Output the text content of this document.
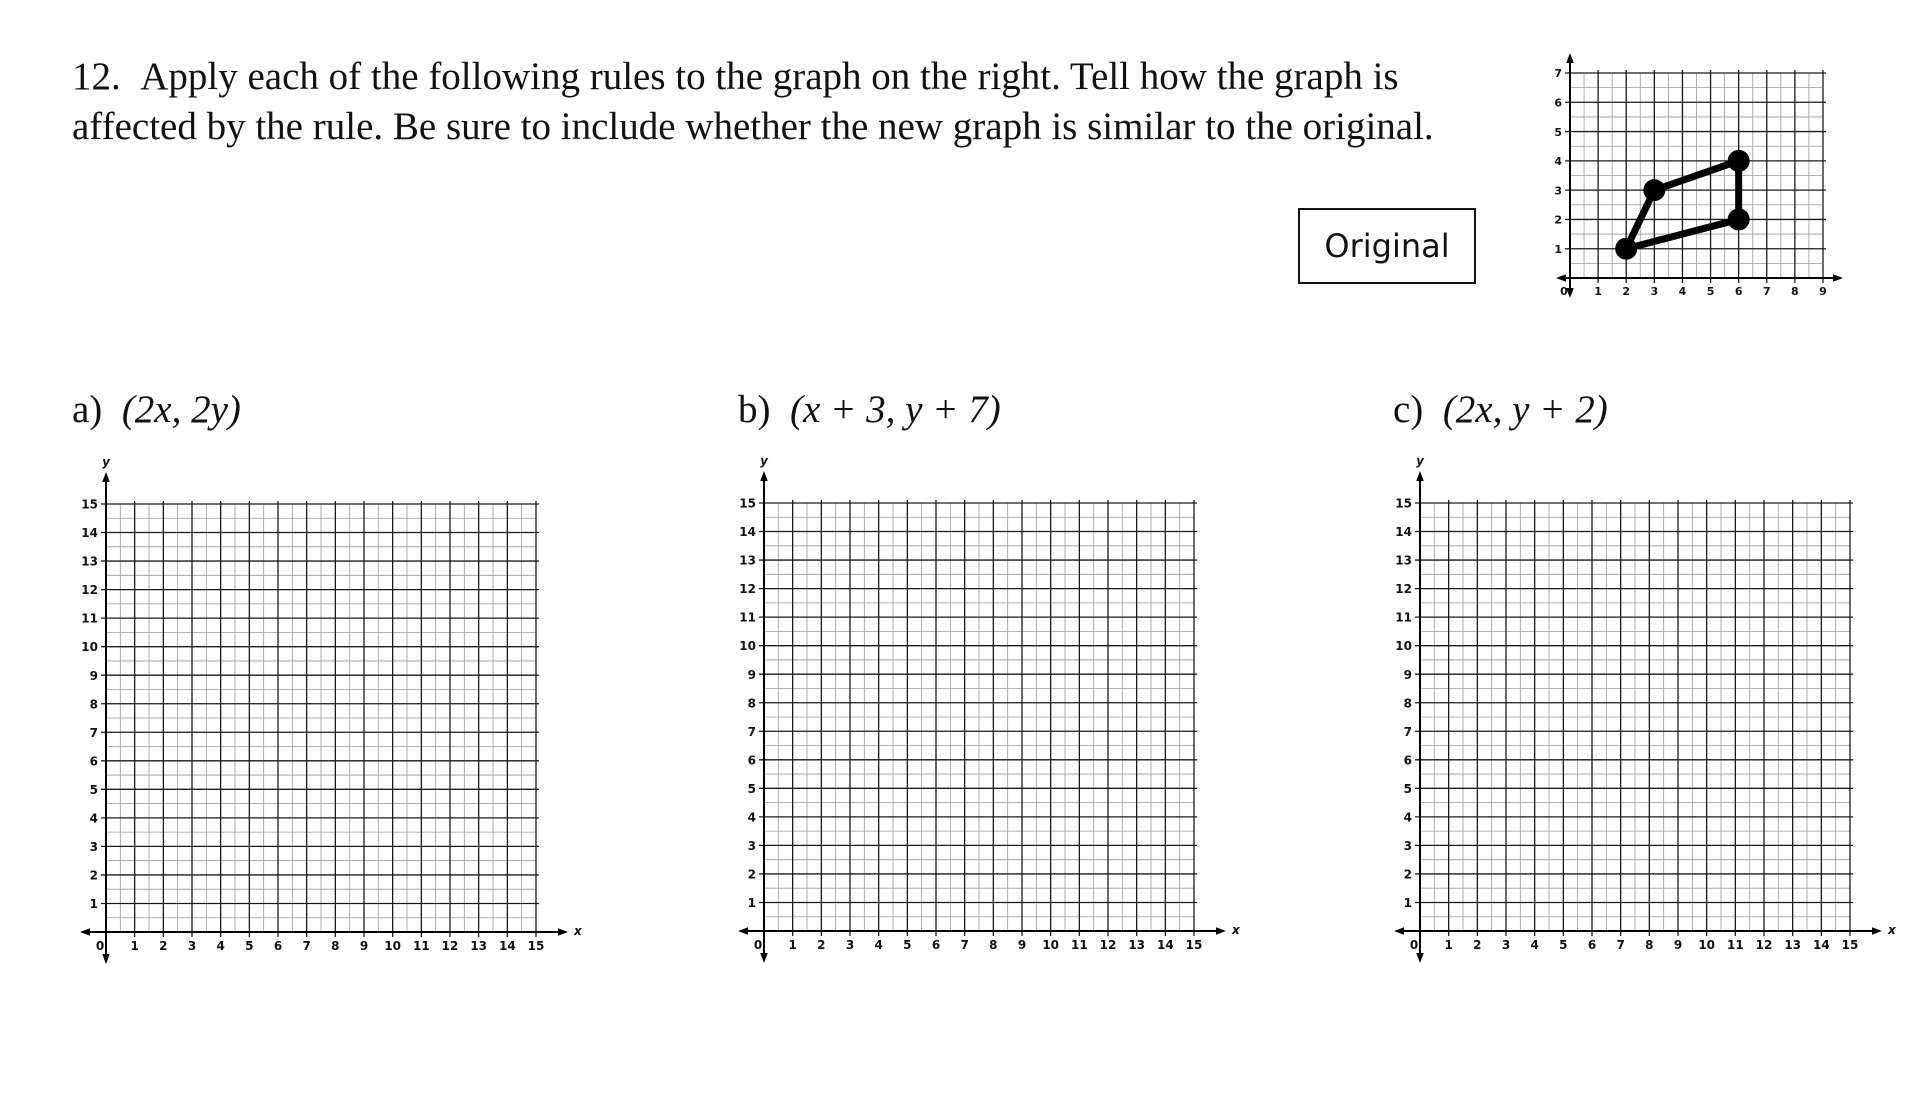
12. Apply each of the following rules to the graph on the right. Tell how the graph is affected by the rule. Be sure to include whether the new graph is similar to the original.

Original
a) (2x, 2y)	b) (x + 3, y + 7)	c) (2x, y + 2)
0 1 2 3 4 5 6 7 8 9
1
2
3
4
5
6
7
0 1 2 3 4 5 6 7 8 9 10 11 12 13 14 15
1
2
3
4
5
6
7
8
9
10
11
12
13
14
15
x
y
0 1 2 3 4 5 6 7 8 9 10 11 12 13 14 15
1
2
3
4
5
6
7
8
9
10
11
12
13
14
15
x
y
0 1 2 3 4 5 6 7 8 9 10 11 12 13 14 15
1
2
3
4
5
6
7
8
9
10
11
12
13
14
15
x
y
